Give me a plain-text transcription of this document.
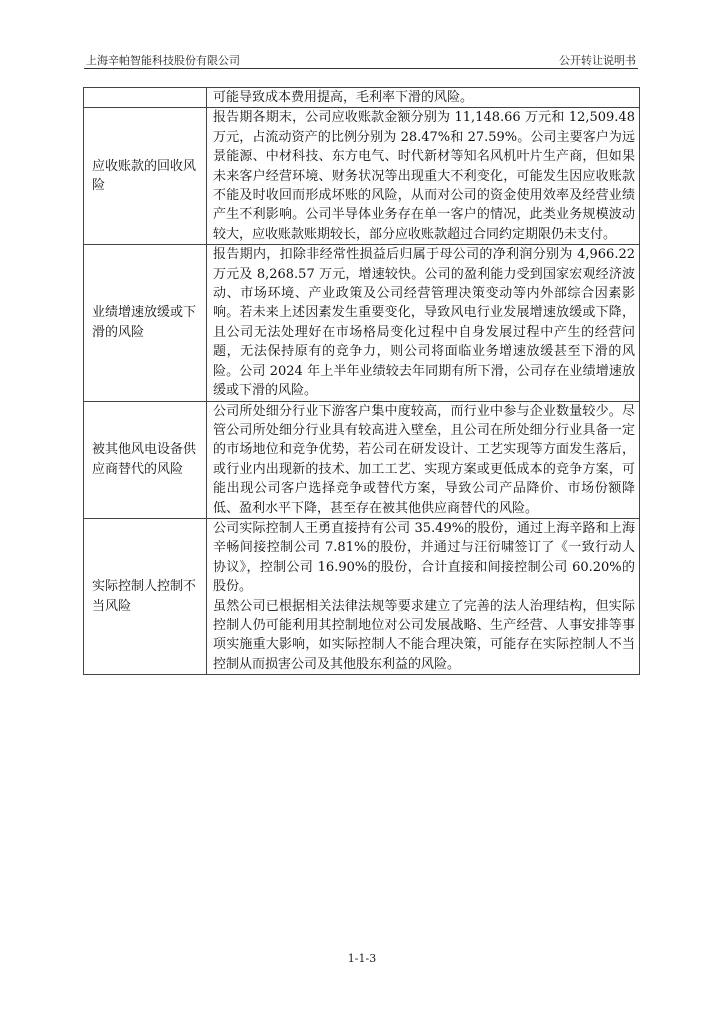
上海辛帕智能科技股份有限公司	公开转让说明书

	可能导致成本费用提高，毛利率下滑的风险。

应收账款的回收风险	报告期各期末，公司应收账款金额分别为 11,148.66 万元和 12,509.48 万元，占流动资产的比例分别为 28.47%和 27.59%。公司主要客户为远景能源、中材科技、东方电气、时代新材等知名风机叶片生产商，但如果未来客户经营环境、财务状况等出现重大不利变化，可能发生因应收账款不能及时收回而形成坏账的风险，从而对公司的资金使用效率及经营业绩产生不利影响。公司半导体业务存在单一客户的情况，此类业务规模波动较大，应收账款账期较长，部分应收账款超过合同约定期限仍未支付。

业绩增速放缓或下滑的风险	报告期内，扣除非经常性损益后归属于母公司的净利润分别为 4,966.22 万元及 8,268.57 万元，增速较快。公司的盈利能力受到国家宏观经济波动、市场环境、产业政策及公司经营管理决策变动等内外部综合因素影响。若未来上述因素发生重要变化，导致风电行业发展增速放缓或下降，且公司无法处理好在市场格局变化过程中自身发展过程中产生的经营问题，无法保持原有的竞争力，则公司将面临业务增速放缓甚至下滑的风险。公司 2024 年上半年业绩较去年同期有所下滑，公司存在业绩增速放缓或下滑的风险。

被其他风电设备供应商替代的风险	公司所处细分行业下游客户集中度较高，而行业中参与企业数量较少。尽管公司所处细分行业具有较高进入壁垒，且公司在所处细分行业具备一定的市场地位和竞争优势，若公司在研发设计、工艺实现等方面发生落后，或行业内出现新的技术、加工工艺、实现方案或更低成本的竞争方案，可能出现公司客户选择竞争或替代方案，导致公司产品降价、市场份额降低、盈利水平下降，甚至存在被其他供应商替代的风险。

实际控制人控制不当风险	公司实际控制人王勇直接持有公司 35.49%的股份，通过上海辛路和上海辛畅间接控制公司 7.81%的股份，并通过与汪衍啸签订了《一致行动人协议》，控制公司 16.90%的股份，合计直接和间接控制公司 60.20%的股份。

虽然公司已根据相关法律法规等要求建立了完善的法人治理结构，但实际控制人仍可能利用其控制地位对公司发展战略、生产经营、人事安排等事项实施重大影响，如实际控制人不能合理决策，可能存在实际控制人不当控制从而损害公司及其他股东利益的风险。

1-1-3
